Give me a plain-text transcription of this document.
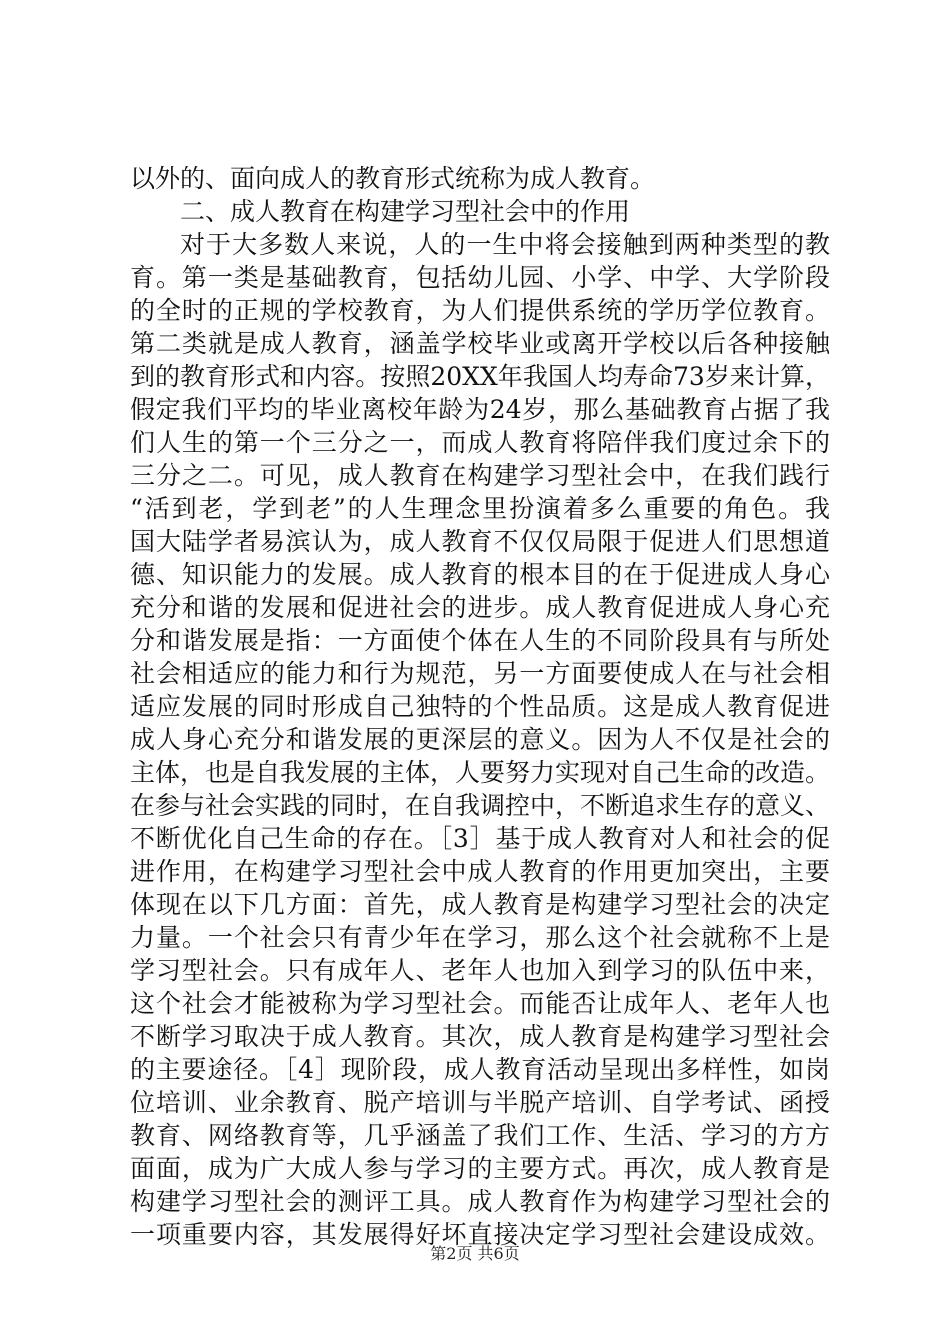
以外的、面向成人的教育形式统称为成人教育。
二、成人教育在构建学习型社会中的作用
对于大多数人来说，人的一生中将会接触到两种类型的教
育。第一类是基础教育，包括幼儿园、小学、中学、大学阶段
的全时的正规的学校教育，为人们提供系统的学历学位教育。
第二类就是成人教育，涵盖学校毕业或离开学校以后各种接触
到的教育形式和内容。按照20XX年我国人均寿命73岁来计算，
假定我们平均的毕业离校年龄为24岁，那么基础教育占据了我
们人生的第一个三分之一，而成人教育将陪伴我们度过余下的
三分之二。可见，成人教育在构建学习型社会中，在我们践行
“活到老，学到老”的人生理念里扮演着多么重要的角色。我
国大陆学者易滨认为，成人教育不仅仅局限于促进人们思想道
德、知识能力的发展。成人教育的根本目的在于促进成人身心
充分和谐的发展和促进社会的进步。成人教育促进成人身心充
分和谐发展是指：一方面使个体在人生的不同阶段具有与所处
社会相适应的能力和行为规范，另一方面要使成人在与社会相
适应发展的同时形成自己独特的个性品质。这是成人教育促进
成人身心充分和谐发展的更深层的意义。因为人不仅是社会的
主体，也是自我发展的主体，人要努力实现对自己生命的改造。
在参与社会实践的同时，在自我调控中，不断追求生存的意义、
不断优化自己生命的存在。［3］基于成人教育对人和社会的促
进作用，在构建学习型社会中成人教育的作用更加突出，主要
体现在以下几方面：首先，成人教育是构建学习型社会的决定
力量。一个社会只有青少年在学习，那么这个社会就称不上是
学习型社会。只有成年人、老年人也加入到学习的队伍中来，
这个社会才能被称为学习型社会。而能否让成年人、老年人也
不断学习取决于成人教育。其次，成人教育是构建学习型社会
的主要途径。［4］现阶段，成人教育活动呈现出多样性，如岗
位培训、业余教育、脱产培训与半脱产培训、自学考试、函授
教育、网络教育等，几乎涵盖了我们工作、生活、学习的方方
面面，成为广大成人参与学习的主要方式。再次，成人教育是
构建学习型社会的测评工具。成人教育作为构建学习型社会的
一项重要内容，其发展得好坏直接决定学习型社会建设成效。
第2页 共6页
